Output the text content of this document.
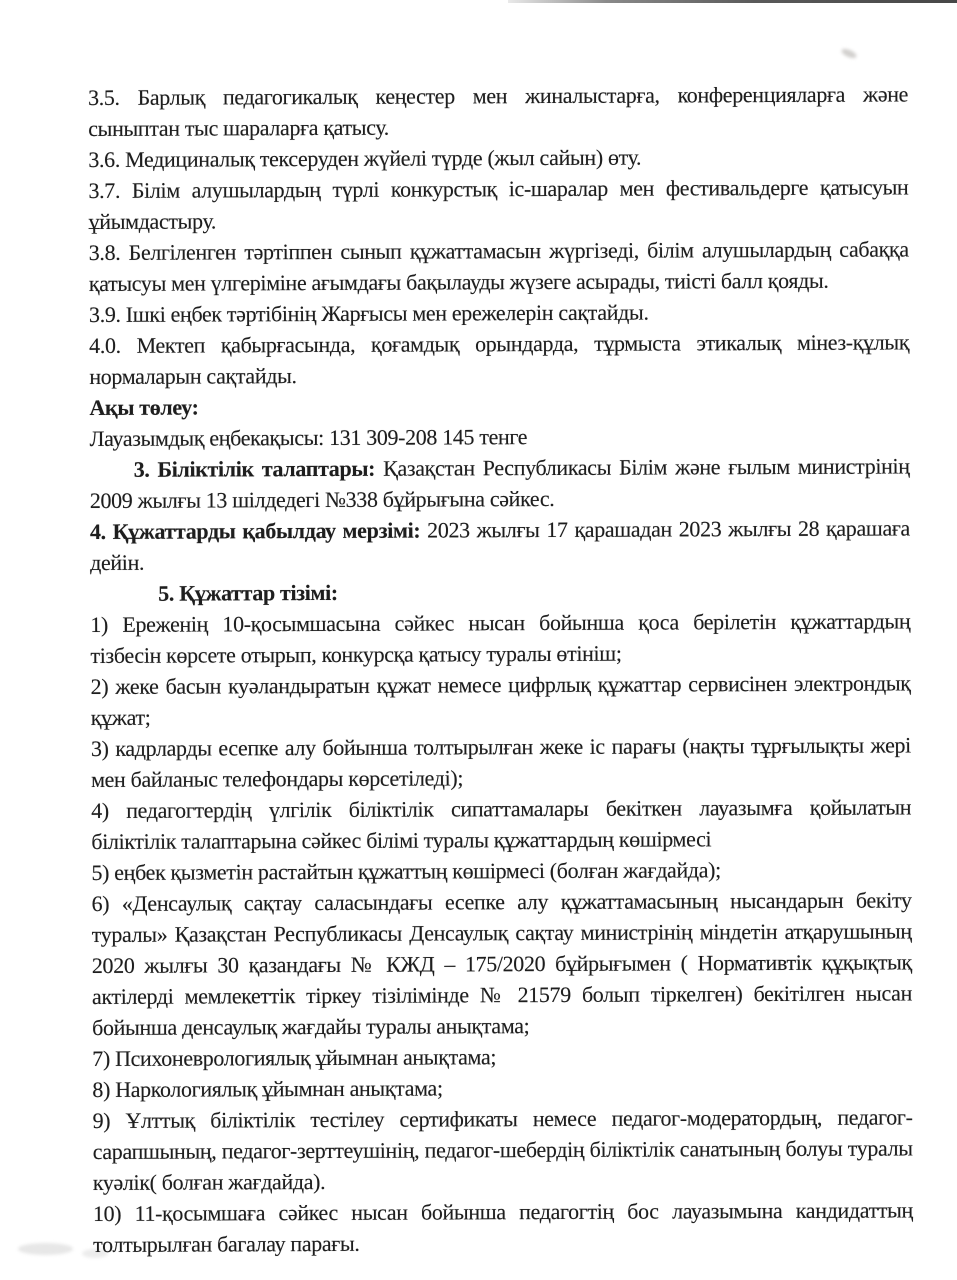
3.5. Барлық педагогикалық кеңестер мен жиналыстарға, конференцияларға және сыныптан тыс шараларға қатысу.

3.6. Медициналық тексеруден жүйелі түрде (жыл сайын) өту.

3.7. Білім алушылардың түрлі конкурстық іс-шаралар мен фестивальдерге қатысуын ұйымдастыру.

3.8. Белгіленген тәртіппен сынып құжаттамасын жүргізеді, білім алушылардың сабаққа қатысуы мен үлгеріміне ағымдағы бақылауды жүзеге асырады, тиісті балл қояды.

3.9. Ішкі еңбек тәртібінің Жарғысы мен ережелерін сақтайды.

4.0. Мектеп қабырғасында, қоғамдық орындарда, тұрмыста этикалық мінез-құлық нормаларын сақтайды.

Ақы төлеу:

Лауазымдық еңбекақысы: 131 309-208 145 тенге

3. Біліктілік талаптары: Қазақстан Республикасы Білім және ғылым министрінің 2009 жылғы 13 шілдедегі №338 бұйрығына сәйкес.

4. Құжаттарды қабылдау мерзімі: 2023 жылғы 17 қарашадан 2023 жылғы 28 қарашаға дейін.

5. Құжаттар тізімі:

1) Ереженің 10-қосымшасына сәйкес нысан бойынша қоса берілетін құжаттардың тізбесін көрсете отырып, конкурсқа қатысу туралы өтініш;

2) жеке басын куәландыратын құжат немесе цифрлық құжаттар сервисінен электрондық құжат;

3) кадрларды есепке алу бойынша толтырылған жеке іс парағы (нақты тұрғылықты жері мен байланыс телефондары көрсетіледі);

4) педагогтердің үлгілік біліктілік сипаттамалары бекіткен лауазымға қойылатын біліктілік талаптарына сәйкес білімі туралы құжаттардың көшірмесі

5) еңбек қызметін растайтын құжаттың көшірмесі (болған жағдайда);

6) «Денсаулық сақтау саласындағы есепке алу құжаттамасының нысандарын бекіту туралы» Қазақстан Республикасы Денсаулық сақтау министрінің міндетін атқарушының 2020 жылғы 30 қазандағы № КЖД – 175/2020 бұйрығымен ( Нормативтік құқықтық актілерді мемлекеттік тіркеу тізілімінде № 21579 болып тіркелген) бекітілген нысан бойынша денсаулық жағдайы туралы анықтама;

7) Психоневрологиялық ұйымнан анықтама;

8) Наркологиялық ұйымнан анықтама;

9) Ұлттық біліктілік тестілеу сертификаты немесе педагог-модератордың, педагог-сарапшының, педагог-зерттеушінің, педагог-шебердің біліктілік санатының болуы туралы куәлік( болған жағдайда).

10) 11-қосымшаға сәйкес нысан бойынша педагогтің бос лауазымына кандидаттың толтырылған багалау парағы.
